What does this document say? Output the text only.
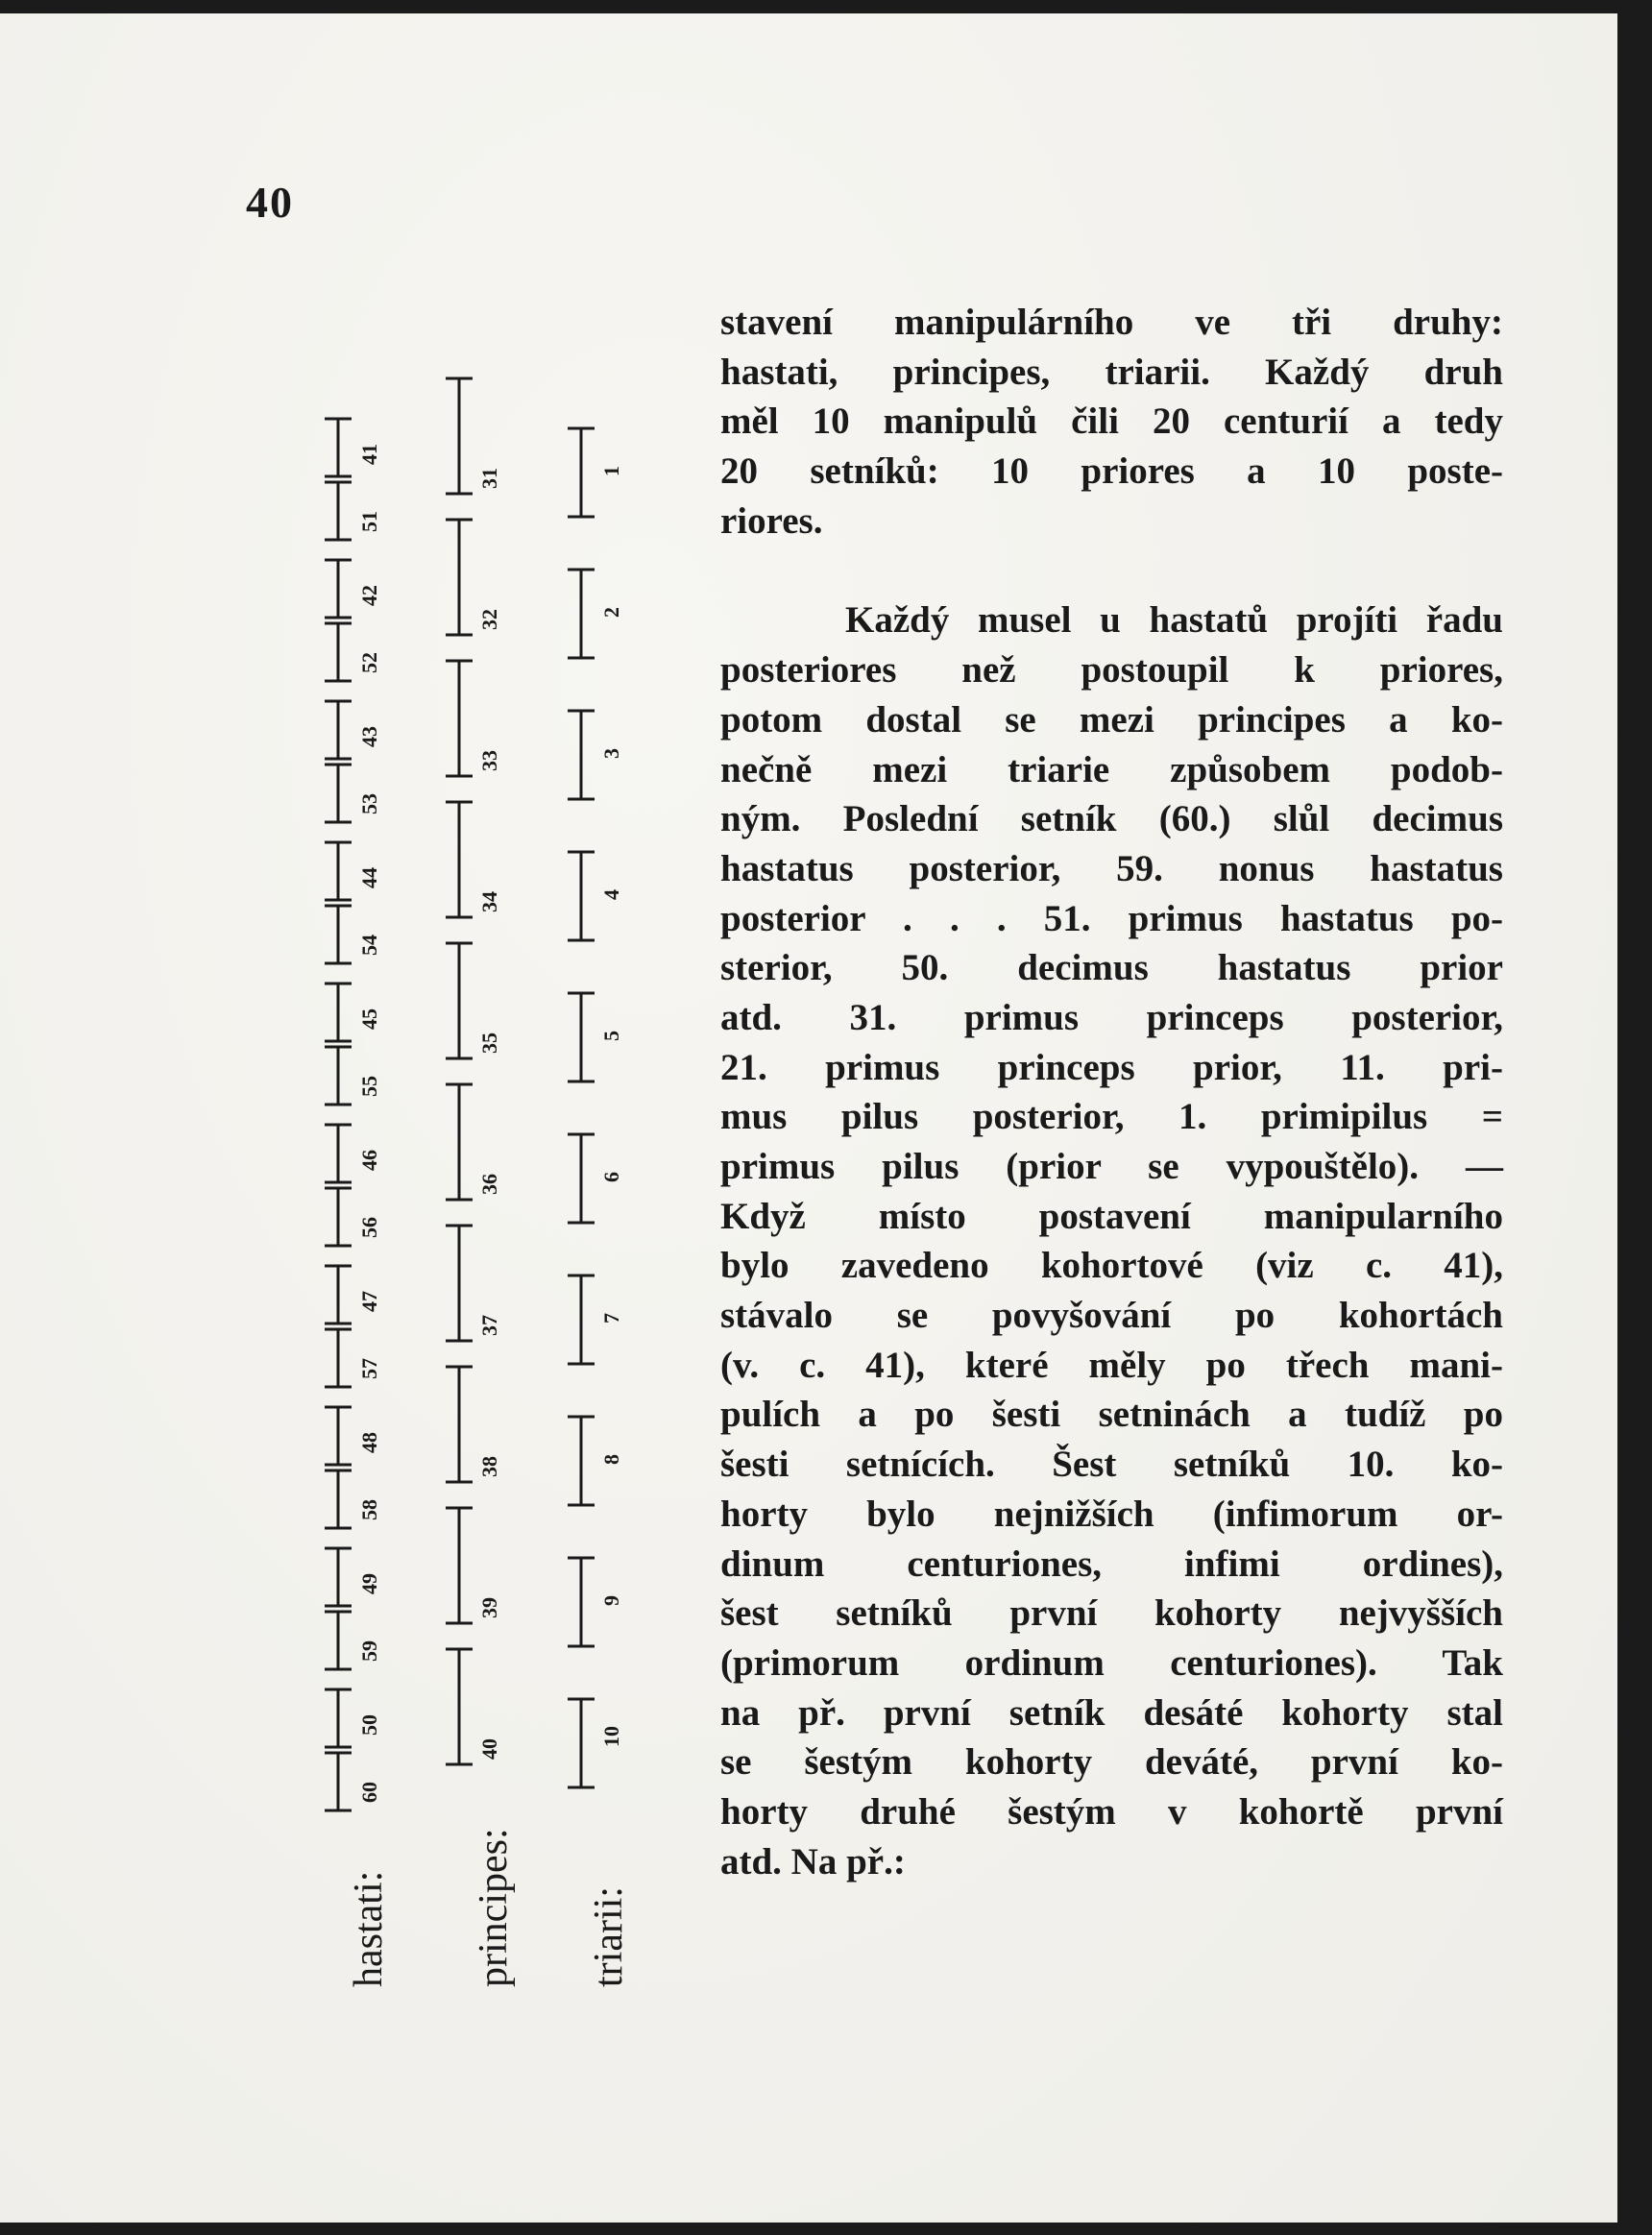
40
hastati: principes: triarii:
41
51
42
52
43
53
44
54
45
55
46
56
47
57
48
58
49
59
50
60
31
32
33
34
35
36
37
38
39
40
1
2
3
4
5
6
7
8
9
10
stavení manipulárního ve tři druhy:
hastati, principes, triarii. Každý druh
měl 10 manipulů čili 20 centurií a tedy
20 setníků: 10 priores a 10 poste-
riores.
Každý musel u hastatů projíti řadu
posteriores než postoupil k priores,
potom dostal se mezi principes a ko-
nečně mezi triarie způsobem podob-
ným. Poslední setník (60.) slůl decimus
hastatus posterior, 59. nonus hastatus
posterior . . . 51. primus hastatus po-
sterior, 50. decimus hastatus prior
atd. 31. primus princeps posterior,
21. primus princeps prior, 11. pri-
mus pilus posterior, 1. primipilus =
primus pilus (prior se vypouštělo). —
Když místo postavení manipularního
bylo zavedeno kohortové (viz c. 41),
stávalo se povyšování po kohortách
(v. c. 41), které měly po třech mani-
pulích a po šesti setninách a tudíž po
šesti setnících. Šest setníků 10. ko-
horty bylo nejnižších (infimorum or-
dinum centuriones, infimi ordines),
šest setníků první kohorty nejvyšších
(primorum ordinum centuriones). Tak
na př. první setník desáté kohorty stal
se šestým kohorty deváté, první ko-
horty druhé šestým v kohortě první
atd. Na př.:
